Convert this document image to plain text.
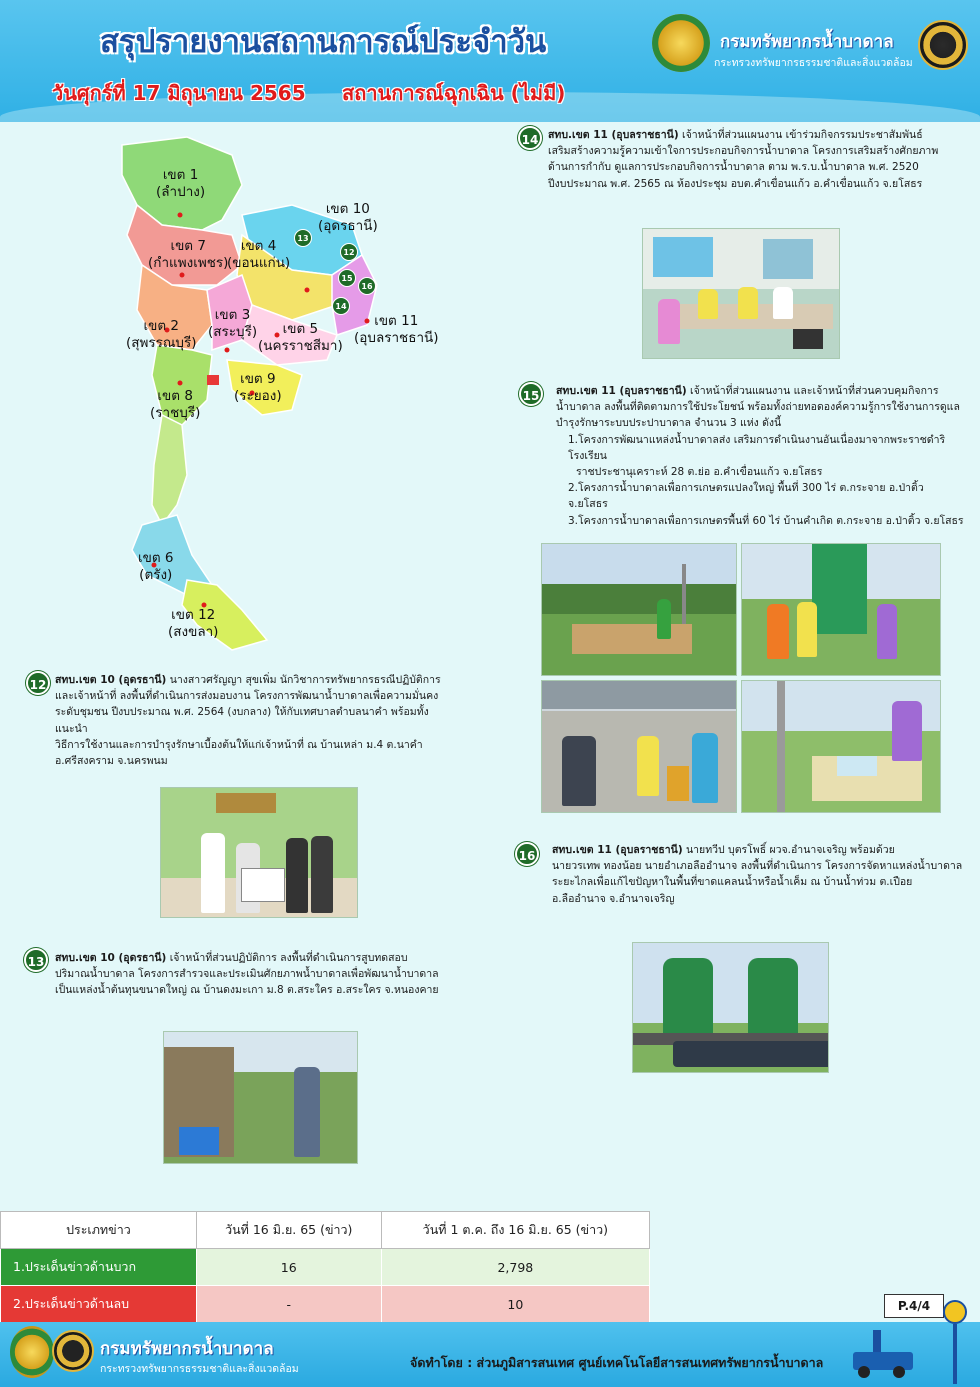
สรุปรายงานสถานการณ์ประจำวัน
วันศุกร์ที่ 17 มิถุนายน 2565 สถานการณ์ฉุกเฉิน (ไม่มี)
กรมทรัพยากรน้ำบาดาล
กระทรวงทรัพยากรธรรมชาติและสิ่งแวดล้อม
เขต 1
(ลำปาง)
เขต 10
(อุดรธานี)
เขต 7
(กำแพงเพชร)
เขต 4
(ขอนแก่น)
เขต 11
(อุบลราชธานี)
เขต 2
(สุพรรณบุรี)
เขต 3
(สระบุรี)	เขต 5
(นครราชสีมา)
เขต 9
(ระยอง)
เขต 8
(ราชบุรี)
เขต 6
(ตรัง)
เขต 12
(สงขลา)
13
12
15
16
14
14 สทบ.เขต 11 (อุบลราชธานี) เจ้าหน้าที่ส่วนแผนงาน เข้าร่วมกิจกรรมประชาสัมพันธ์
เสริมสร้างความรู้ความเข้าใจการประกอบกิจการน้ำบาดาล โครงการเสริมสร้างศักยภาพ
ด้านการกำกับ ดูแลการประกอบกิจการน้ำบาดาล ตาม พ.ร.บ.น้ำบาดาล พ.ศ. 2520
ปีงบประมาณ พ.ศ. 2565 ณ ห้องประชุม อบต.คำเขื่อนแก้ว อ.คำเขื่อนแก้ว จ.ยโสธร
15	สทบ.เขต 11 (อุบลราชธานี) เจ้าหน้าที่ส่วนแผนงาน และเจ้าหน้าที่ส่วนควบคุมกิจการ
น้ำบาดาล ลงพื้นที่ติดตามการใช้ประโยชน์ พร้อมทั้งถ่ายทอดองค์ความรู้การใช้งานการดูแล
บำรุงรักษาระบบประปาบาดาล จำนวน 3 แห่ง ดังนี้

1.โครงการพัฒนาแหล่งน้ำบาดาลส่ง เสริมการดำเนินงานอันเนื่องมาจากพระราชดำริ โรงเรียน
ราชประชานุเคราะห์ 28 ต.ย่อ อ.คำเขื่อนแก้ว จ.ยโสธร
2.โครงการน้ำบาดาลเพื่อการเกษตรแปลงใหญ่ พื้นที่ 300 ไร่ ต.กระจาย อ.ป่าติ้ว จ.ยโสธร
3.โครงการน้ำบาดาลเพื่อการเกษตรพื้นที่ 60 ไร่ บ้านคำเกิด ต.กระจาย อ.ป่าติ้ว จ.ยโสธร
12 สทบ.เขต 10 (อุดรธานี) นางสาวศรัญญา สุขเพิ่ม นักวิชาการทรัพยากรธรณีปฏิบัติการ
และเจ้าหน้าที่ ลงพื้นที่ดำเนินการส่งมอบงาน โครงการพัฒนาน้ำบาดาลเพื่อความมั่นคง
ระดับชุมชน ปีงบประมาณ พ.ศ. 2564 (งบกลาง) ให้กับเทศบาลตำบลนาคำ พร้อมทั้งแนะนำ
วิธีการใช้งานและการบำรุงรักษาเบื้องต้นให้แก่เจ้าหน้าที่ ณ บ้านเหล่า ม.4 ต.นาคำ
อ.ศรีสงคราม จ.นครพนม
16	สทบ.เขต 11 (อุบลราชธานี) นายทวีป บุตรโพธิ์ ผวจ.อำนาจเจริญ พร้อมด้วย
นายวรเทพ ทองน้อย นายอำเภอลืออำนาจ ลงพื้นที่ดำเนินการ โครงการจัดหาแหล่งน้ำบาดาล
ระยะไกลเพื่อแก้ไขปัญหาในพื้นที่ขาดแคลนน้ำหรือน้ำเค็ม ณ บ้านน้ำท่วม ต.เปือย
อ.ลืออำนาจ จ.อำนาจเจริญ
13	สทบ.เขต 10 (อุดรธานี) เจ้าหน้าที่ส่วนปฏิบัติการ ลงพื้นที่ดำเนินการสูบทดสอบ
ปริมาณน้ำบาดาล โครงการสำรวจและประเมินศักยภาพน้ำบาดาลเพื่อพัฒนาน้ำบาดาล
เป็นแหล่งน้ำต้นทุนขนาดใหญ่ ณ บ้านดงมะเกา ม.8 ต.สระใคร อ.สระใคร จ.หนองคาย
ประเภทข่าว	วันที่ 16 มิ.ย. 65 (ข่าว)	วันที่ 1 ต.ค. ถึง 16 มิ.ย. 65 (ข่าว)
1.ประเด็นข่าวด้านบวก	16	2,798
2.ประเด็นข่าวด้านลบ	-	10	P.4/4
กรมทรัพยากรน้ำบาดาล
กระทรวงทรัพยากรธรรมชาติและสิ่งแวดล้อม	จัดทำโดย : ส่วนภูมิสารสนเทศ ศูนย์เทคโนโลยีสารสนเทศทรัพยากรน้ำบาดาล
